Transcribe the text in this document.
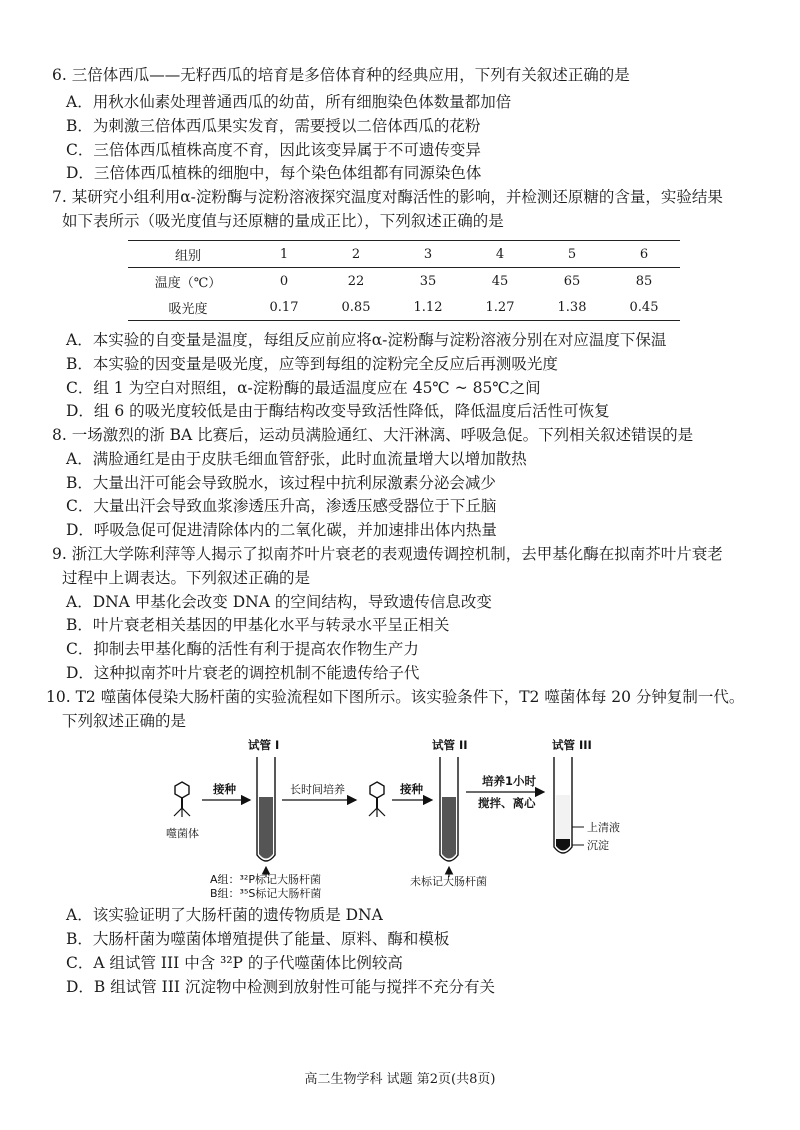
6. 三倍体西瓜——无籽西瓜的培育是多倍体育种的经典应用，下列有关叙述正确的是
A．用秋水仙素处理普通西瓜的幼苗，所有细胞染色体数量都加倍
B．为刺激三倍体西瓜果实发育，需要授以二倍体西瓜的花粉
C．三倍体西瓜植株高度不育，因此该变异属于不可遗传变异
D．三倍体西瓜植株的细胞中，每个染色体组都有同源染色体
7. 某研究小组利用α-淀粉酶与淀粉溶液探究温度对酶活性的影响，并检测还原糖的含量，实验结果
如下表所示（吸光度值与还原糖的量成正比），下列叙述正确的是
组别	1	2	3	4	5	6
温度（℃）	0	22	35	45	65	85
吸光度	0.17	0.85	1.12	1.27	1.38	0.45
A．本实验的自变量是温度，每组反应前应将α-淀粉酶与淀粉溶液分别在对应温度下保温
B．本实验的因变量是吸光度，应等到每组的淀粉完全反应后再测吸光度
C．组 1 为空白对照组，α-淀粉酶的最适温度应在 45℃ ~ 85℃之间
D．组 6 的吸光度较低是由于酶结构改变导致活性降低，降低温度后活性可恢复
8. 一场激烈的浙 BA 比赛后，运动员满脸通红、大汗淋漓、呼吸急促。下列相关叙述错误的是
A．满脸通红是由于皮肤毛细血管舒张，此时血流量增大以增加散热
B．大量出汗可能会导致脱水，该过程中抗利尿激素分泌会减少
C．大量出汗会导致血浆渗透压升高，渗透压感受器位于下丘脑
D．呼吸急促可促进清除体内的二氧化碳，并加速排出体内热量
9. 浙江大学陈利萍等人揭示了拟南芥叶片衰老的表观遗传调控机制，去甲基化酶在拟南芥叶片衰老
过程中上调表达。下列叙述正确的是
A．DNA 甲基化会改变 DNA 的空间结构，导致遗传信息改变
B．叶片衰老相关基因的甲基化水平与转录水平呈正相关
C．抑制去甲基化酶的活性有利于提高农作物生产力
D．这种拟南芥叶片衰老的调控机制不能遗传给子代
10. T2 噬菌体侵染大肠杆菌的实验流程如下图所示。该实验条件下，T2 噬菌体每 20 分钟复制一代。
下列叙述正确的是
试管 I	试管 II	试管 III
噬菌体
接种	长时间培养	接种
培养1小时
搅拌、离心
上清液
沉淀
A组：³²P标记大肠杆菌
B组：³⁵S标记大肠杆菌
未标记大肠杆菌
A．该实验证明了大肠杆菌的遗传物质是 DNA
B．大肠杆菌为噬菌体增殖提供了能量、原料、酶和模板
C．A 组试管 III 中含 ³²P 的子代噬菌体比例较高
D．B 组试管 III 沉淀物中检测到放射性可能与搅拌不充分有关
高二生物学科 试题 第2页(共8页)
